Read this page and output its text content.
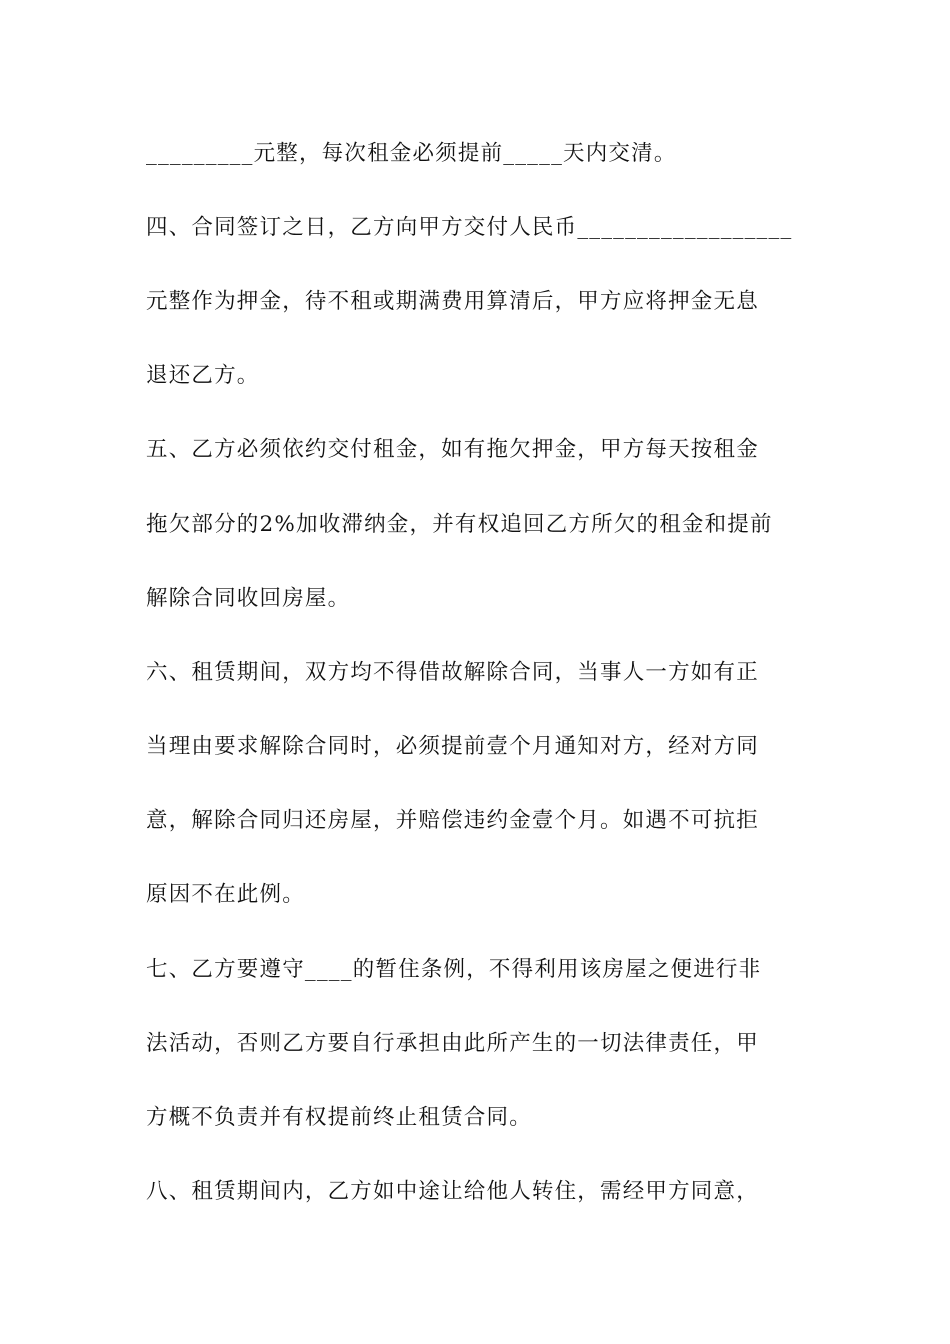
_________元整，每次租金必须提前_____天内交清。
四、合同签订之日，乙方向甲方交付人民币__________________
元整作为押金，待不租或期满费用算清后，甲方应将押金无息
退还乙方。
五、乙方必须依约交付租金，如有拖欠押金，甲方每天按租金
拖欠部分的2%加收滞纳金，并有权追回乙方所欠的租金和提前
解除合同收回房屋。
六、租赁期间，双方均不得借故解除合同，当事人一方如有正
当理由要求解除合同时，必须提前壹个月通知对方，经对方同
意，解除合同归还房屋，并赔偿违约金壹个月。如遇不可抗拒
原因不在此例。
七、乙方要遵守____的暂住条例，不得利用该房屋之便进行非
法活动，否则乙方要自行承担由此所产生的一切法律责任，甲
方概不负责并有权提前终止租赁合同。
八、租赁期间内，乙方如中途让给他人转住，需经甲方同意，
